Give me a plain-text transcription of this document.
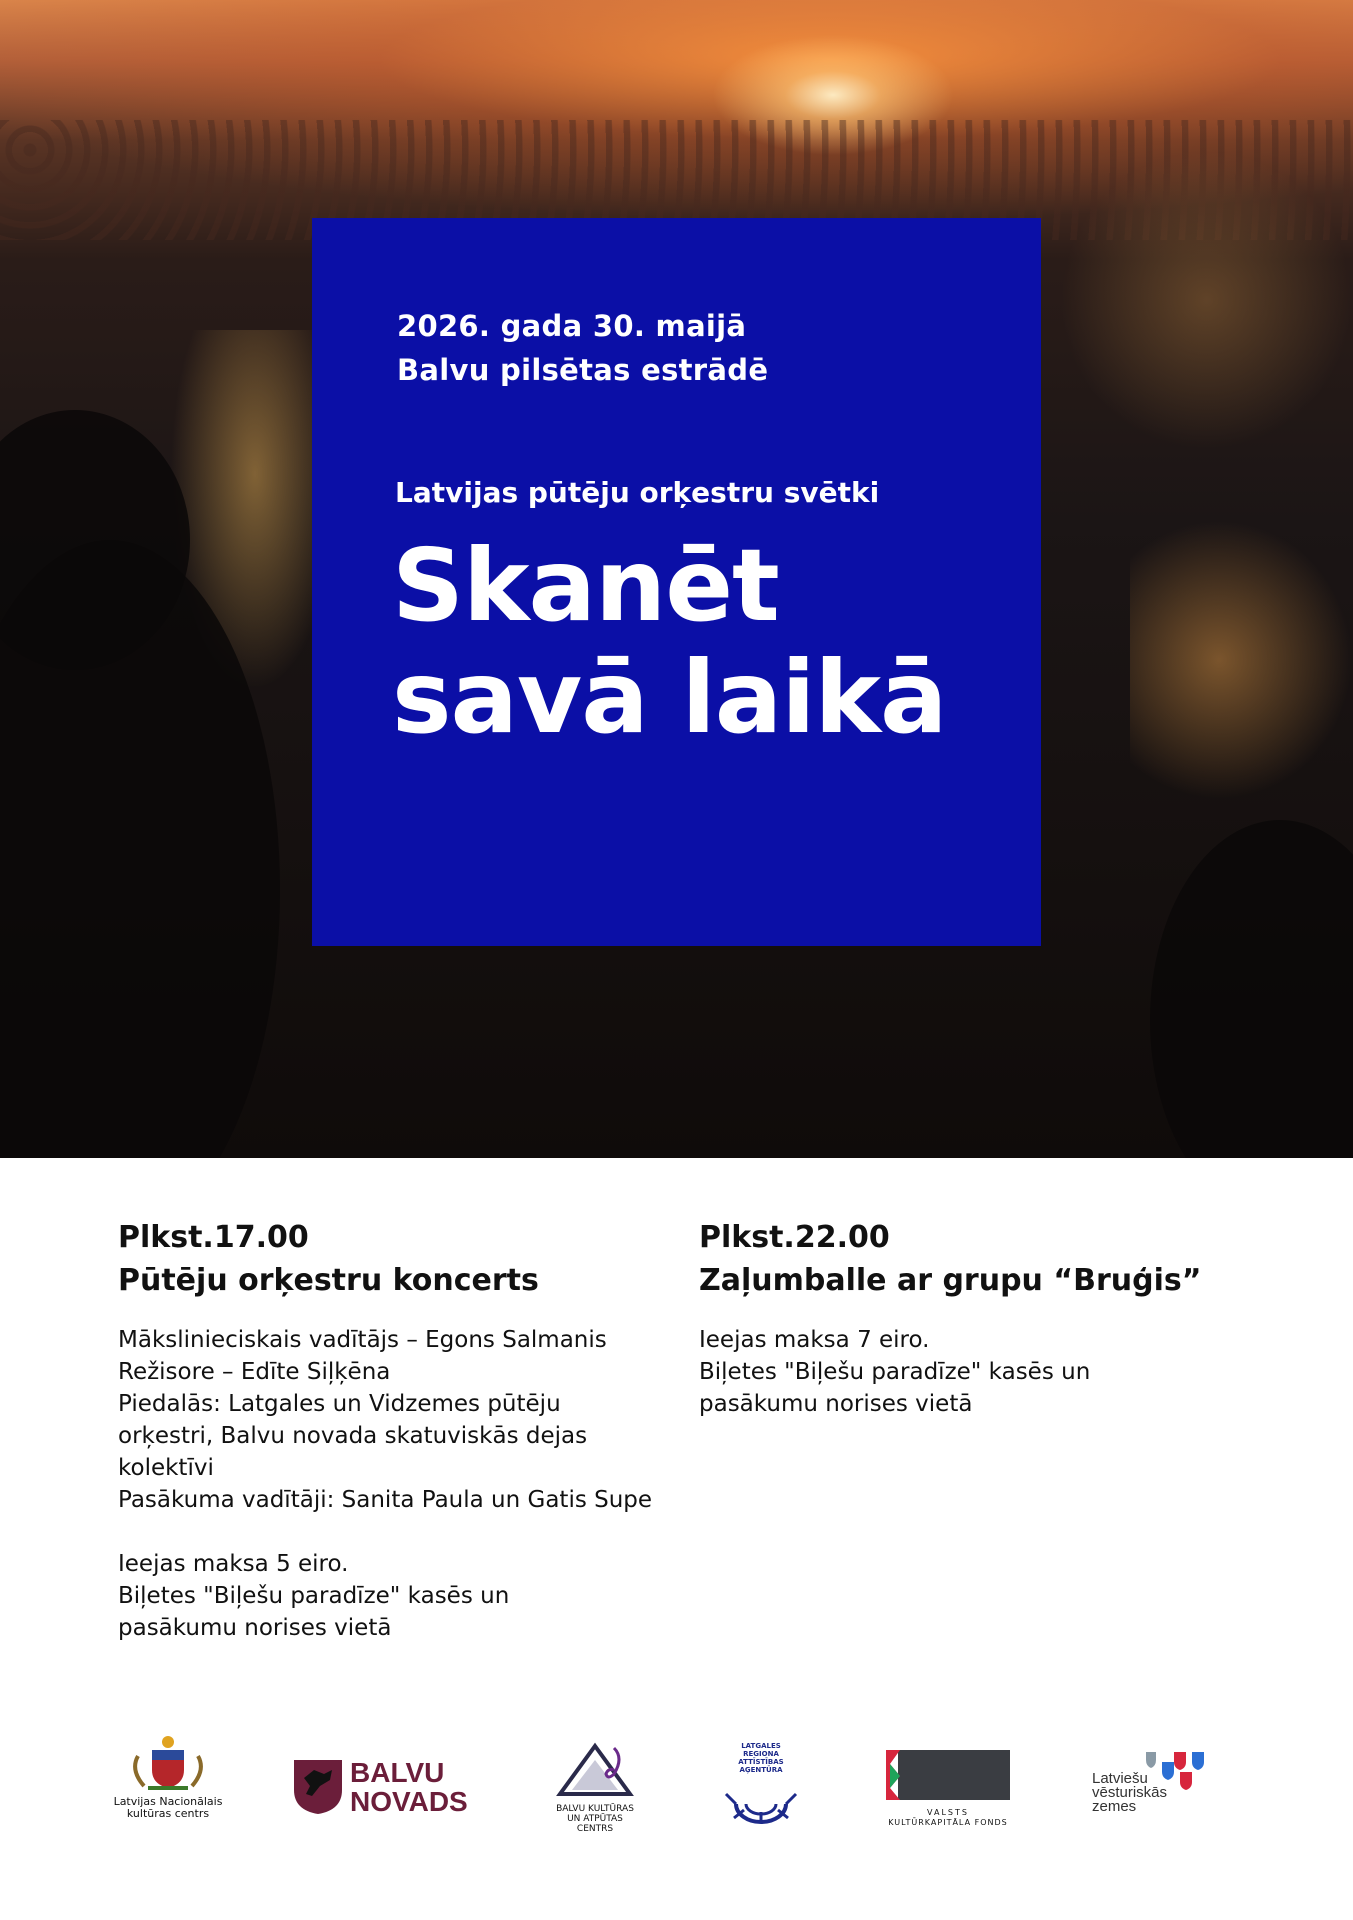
2026. gada 30. maijā
Balvu pilsētas estrādē
Latvijas pūtēju orķestru svētki
Skanēt
savā laikā
Plkst.17.00
Pūtēju orķestru koncerts
Mākslinieciskais vadītājs – Egons Salmanis
Režisore – Edīte Siļķēna
Piedalās: Latgales un Vidzemes pūtēju
orķestri, Balvu novada skatuviskās dejas
kolektīvi
Pasākuma vadītāji: Sanita Paula un Gatis Supe
Ieejas maksa 5 eiro.
Biļetes "Biļešu paradīze" kasēs un
pasākumu norises vietā
Plkst.22.00
Zaļumballe ar grupu “Bruģis”
Ieejas maksa 7 eiro.
Biļetes "Biļešu paradīze" kasēs un
pasākumu norises vietā
Latvijas Nacionālais
kultūras centrs
BALVU
NOVADS	BALVU KULTŪRAS
UN ATPŪTAS CENTRS
LATGALES
REGIONA
ATTĪSTĪBAS
AĢENTŪRA
VALSTS
KULTŪRKAPITĀLA FONDS
Latviešu
vēsturiskās
zemes
